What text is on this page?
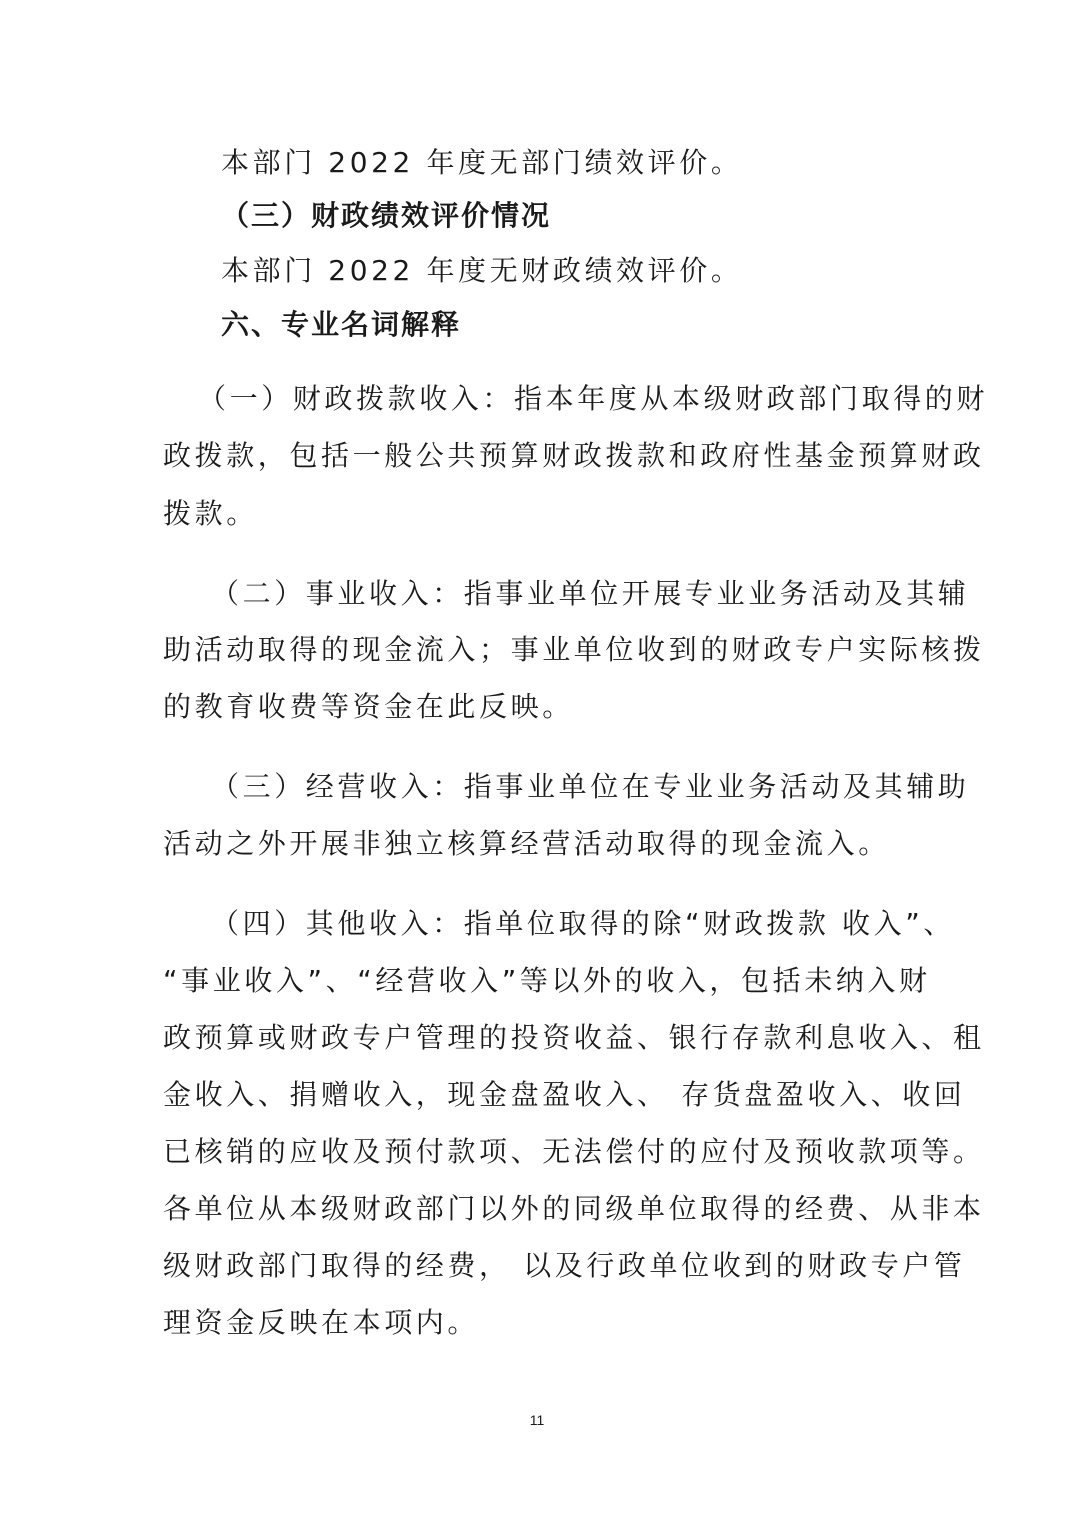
本部门 2022 年度无部门绩效评价。
（三）财政绩效评价情况
本部门 2022 年度无财政绩效评价。
六、专业名词解释
（一）财政拨款收入：指本年度从本级财政部门取得的财
政拨款，包括一般公共预算财政拨款和政府性基金预算财政
拨款。
（二）事业收入：指事业单位开展专业业务活动及其辅
助活动取得的现金流入；事业单位收到的财政专户实际核拨
的教育收费等资金在此反映。
（三）经营收入：指事业单位在专业业务活动及其辅助
活动之外开展非独立核算经营活动取得的现金流入。
（四）其他收入：指单位取得的除“财政拨款 收入”、
“事业收入”、“经营收入”等以外的收入，包括未纳入财
政预算或财政专户管理的投资收益、银行存款利息收入、租
金收入、捐赠收入，现金盘盈收入、 存货盘盈收入、收回
已核销的应收及预付款项、无法偿付的应付及预收款项等。
各单位从本级财政部门以外的同级单位取得的经费、从非本
级财政部门取得的经费， 以及行政单位收到的财政专户管
理资金反映在本项内。
11
